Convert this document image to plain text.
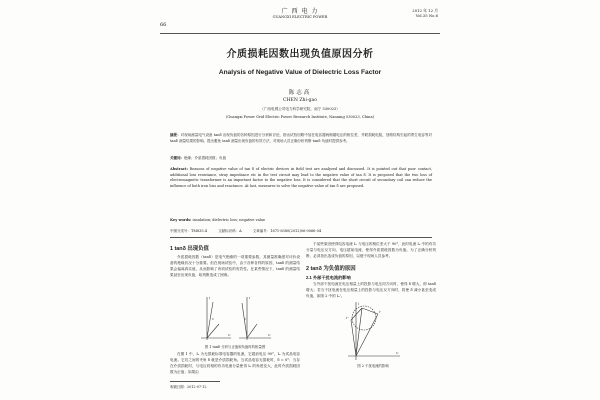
66
广 西 电 力
GUANGXI ELECTRIC POWER
2012 年 12 月
Vol.35 No.6
介质损耗因数出现负值原因分析
Analysis of Negative Value of Dielectric Loss Factor
陈志高
CHEN Zhi-gao
（广西电网公司电力科学研究院，南宁 530023）
(Guangxi Power Grid Electric Power Research Institute, Nanning 530023, China)
摘要：对现场测量电气设备 tanδ 出现负值的各种原因进行分析和讨论，指出试验回路中加在电容器两侧端电压的相位差，并联损耗电阻，回路结构引起的寄生电容等对 tanδ 测量结果的影响。提出避免 tanδ 测量出现负值的有效方法，对现场人员正确分析判断 tanδ 负值时提供参考。
关键词：绝缘；介质损耗因数；负值
Abstract: Reasons of negative value of tan δ of electric devices in field test are analyzed and discussed. It is pointed out that poor contact, additional loss resistance, stray impedance etc in the test circuit may lead to the negative value of tan δ. It is proposed that the two loss of electromagnetic transformer is an important factor to the negative loss. It is considered that the short circuit of secondary coil can reduce the influence of both iron loss and reactance. At last, measures to solve the negative value of tan δ are proposed.
Key words: insulation; dielectric loss; negative value
中图分类号：TM835.4	文献标识码：A	文章编号：1671-8380(2012)06-0066-04
1 tanδ 出现负值
介质损耗因数（tanδ）是电气绝缘的一项重要参数，其测量准确度对评价设备的绝缘状况十分重要。但在现场试验中，由于各种各样的原因，tanδ 的测量结果会偏离真实值，从而影响了该项试验的有效性。在某些情况下，tanδ 的测量结果甚至出现负值，给判断造成了困难。
İ
U
İ
U
δ	δ
图 1 tanδ 分析与正值和负值时的相量图
在图 1 中，Iₓ 为无损耗标准电容器的电流，它超前电压 90°，Iₙ 为试品电容电流。它们之间的夹角 δ 就是介质损耗角。当试品电容无损耗时，δ = 0°；当存在介质损耗时，与电压同相的有功电流分量使得 Iₙ 的角度变大，此时介质损耗因数为正值；如果由
收稿日期：2012-07-12
于某些原因使得电容电流 Iₙ 与电压的相位差大于 90°，此时电流 Iₙ 中的有功分量与电压反方向，电压超前电流，使得介质损耗因数为负值。为了正确分析判断，必须找出造成负值的原因，以便于现场人员参考。
2 tanδ 为负值的原因
2.1 外部干扰电流的影响
当外部干扰电流在电压相量上的投影与电压同方向时，使得 δ 增大，即 tanδ 增大；若当干扰电流在电压相量上的投影与电压反方向时，将使 δ 减小甚至变成负值，如图 2 中的 Iₙ'。
İ
İ'
İ''
U
图 2 干扰电流的影响
